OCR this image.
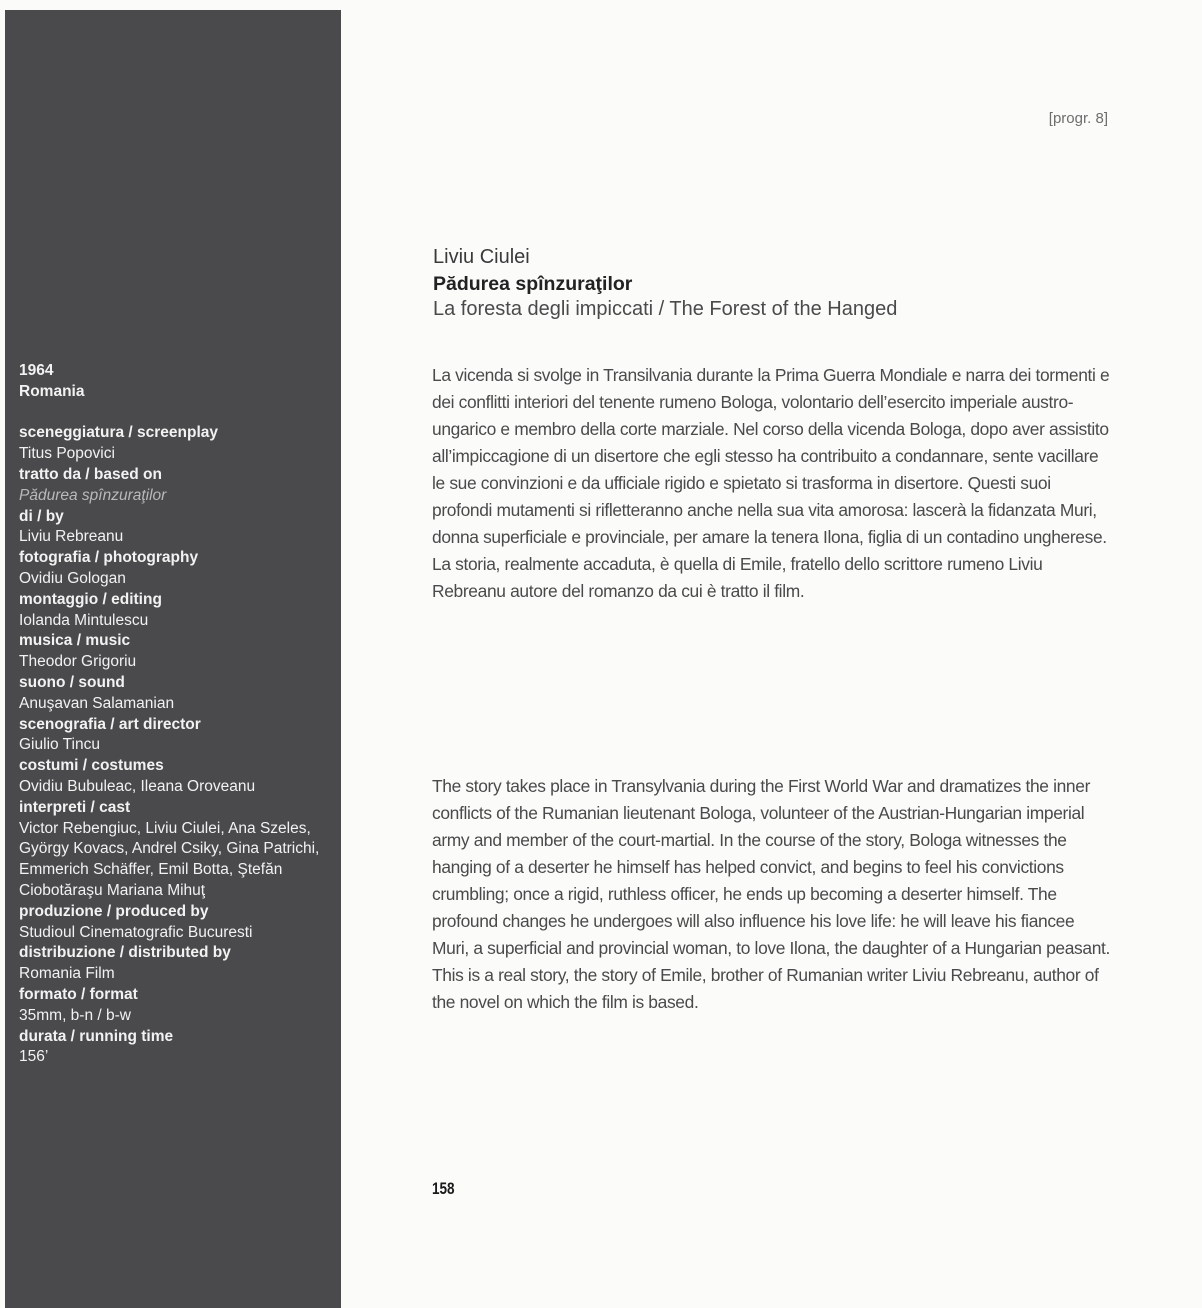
1964
Romania
sceneggiatura / screenplay
Titus Popovici
tratto da / based on
Pădurea spînzuraţilor
di / by
Liviu Rebreanu
fotografia / photography
Ovidiu Gologan
montaggio / editing
Iolanda Mintulescu
musica / music
Theodor Grigoriu
suono / sound
Anuşavan Salamanian
scenografia / art director
Giulio Tincu
costumi / costumes
Ovidiu Bubuleac, Ileana Oroveanu
interpreti / cast
Victor Rebengiuc, Liviu Ciulei, Ana Szeles, György Kovacs, Andrel Csiky, Gina Patrichi, Emmerich Schäffer, Emil Botta, Ştefăn Ciobotăraşu Mariana Mihuţ
produzione / produced by
Studioul Cinematografic Bucuresti
distribuzione / distributed by
Romania Film
formato / format
35mm, b-n / b-w
durata / running time
156’
[progr. 8]
Liviu Ciulei
Pădurea spînzuraţilor
La foresta degli impiccati / The Forest of the Hanged

La vicenda si svolge in Transilvania durante la Prima Guerra Mondiale e narra dei tormenti e dei conflitti interiori del tenente rumeno Bologa, volontario dell’esercito imperiale austro-ungarico e membro della corte marziale. Nel corso della vicenda Bologa, dopo aver assistito all’impiccagione di un disertore che egli stesso ha contribuito a condannare, sente vacillare le sue convinzioni e da ufficiale rigido e spietato si trasforma in disertore. Questi suoi profondi mutamenti si rifletteranno anche nella sua vita amorosa: lascerà la fidanzata Muri, donna superficiale e provinciale, per amare la tenera Ilona, figlia di un contadino ungherese.

La storia, realmente accaduta, è quella di Emile, fratello dello scrittore rumeno Liviu Rebreanu autore del romanzo da cui è tratto il film.

The story takes place in Transylvania during the First World War and dramatizes the inner conflicts of the Rumanian lieutenant Bologa, volunteer of the Austrian-Hungarian imperial army and member of the court-martial. In the course of the story, Bologa witnesses the hanging of a deserter he himself has helped convict, and begins to feel his convictions crumbling; once a rigid, ruthless officer, he ends up becoming a deserter himself. The profound changes he undergoes will also influence his love life: he will leave his fiancee Muri, a superficial and provincial woman, to love Ilona, the daughter of a Hungarian peasant. This is a real story, the story of Emile, brother of Rumanian writer Liviu Rebreanu, author of the novel on which the film is based.

158
